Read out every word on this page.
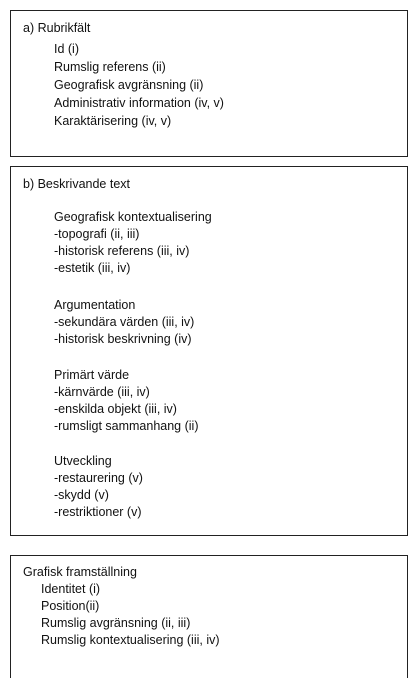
a) Rubrikfält
Id (i)
Rumslig referens (ii)
Geografisk avgränsning (ii)
Administrativ information (iv, v)
Karaktärisering (iv, v)
b) Beskrivande text
Geografisk kontextualisering
-topografi (ii, iii)
-historisk referens (iii, iv)
-estetik (iii, iv)
Argumentation
-sekundära värden (iii, iv)
-historisk beskrivning (iv)
Primärt värde
-kärnvärde (iii, iv)
-enskilda objekt (iii, iv)
-rumsligt sammanhang (ii)
Utveckling
-restaurering (v)
-skydd (v)
-restriktioner (v)
Grafisk framställning
Identitet (i)
Position(ii)
Rumslig avgränsning (ii, iii)
Rumslig kontextualisering (iii, iv)
